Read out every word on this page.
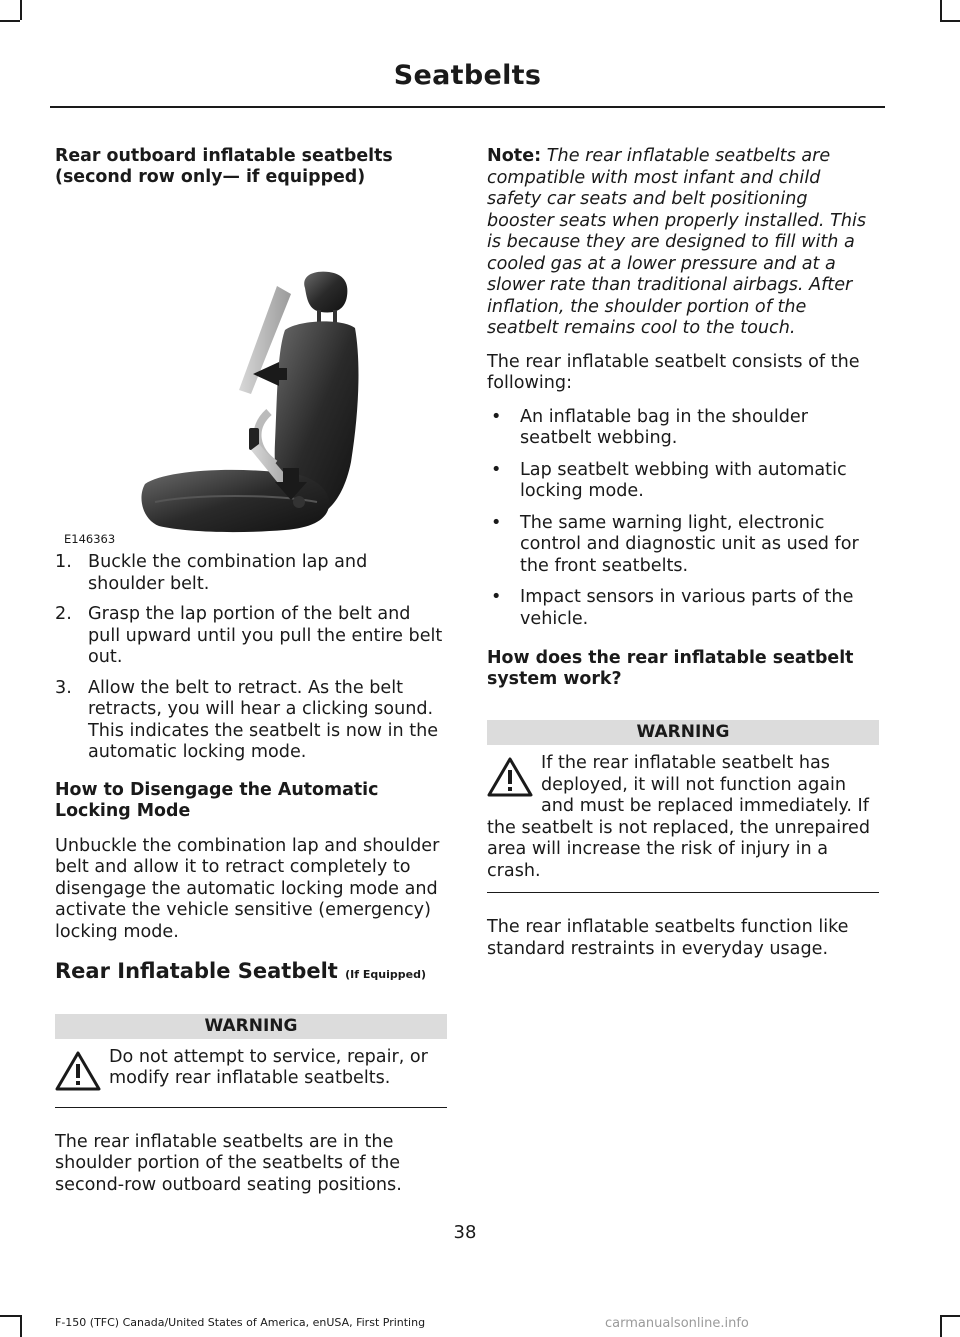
Seatbelts
Rear outboard inflatable seatbelts (second row only— if equipped)
E146363
1. Buckle the combination lap and shoulder belt.
2. Grasp the lap portion of the belt and pull upward until you pull the entire belt out.
3. Allow the belt to retract. As the belt retracts, you will hear a clicking sound. This indicates the seatbelt is now in the automatic locking mode.
How to Disengage the Automatic Locking Mode

Unbuckle the combination lap and shoulder belt and allow it to retract completely to disengage the automatic locking mode and activate the vehicle sensitive (emergency) locking mode.

Rear Inflatable Seatbelt (If Equipped)
WARNING

Do not attempt to service, repair, or modify rear inflatable seatbelts.

The rear inflatable seatbelts are in the shoulder portion of the seatbelts of the second-row outboard seating positions.

Note: The rear inflatable seatbelts are compatible with most infant and child safety car seats and belt positioning booster seats when properly installed. This is because they are designed to fill with a cooled gas at a lower pressure and at a slower rate than traditional airbags. After inflation, the shoulder portion of the seatbelt remains cool to the touch.

The rear inflatable seatbelt consists of the following:

• An inflatable bag in the shoulder seatbelt webbing.
• Lap seatbelt webbing with automatic locking mode.
• The same warning light, electronic control and diagnostic unit as used for the front seatbelts.
• Impact sensors in various parts of the vehicle.
How does the rear inflatable seatbelt system work?
WARNING

If the rear inflatable seatbelt has deployed, it will not function again and must be replaced immediately. If the seatbelt is not replaced, the unrepaired area will increase the risk of injury in a crash.

The rear inflatable seatbelts function like standard restraints in everyday usage.

38
F-150 (TFC) Canada/United States of America, enUSA, First Printing	carmanualsonline.info
